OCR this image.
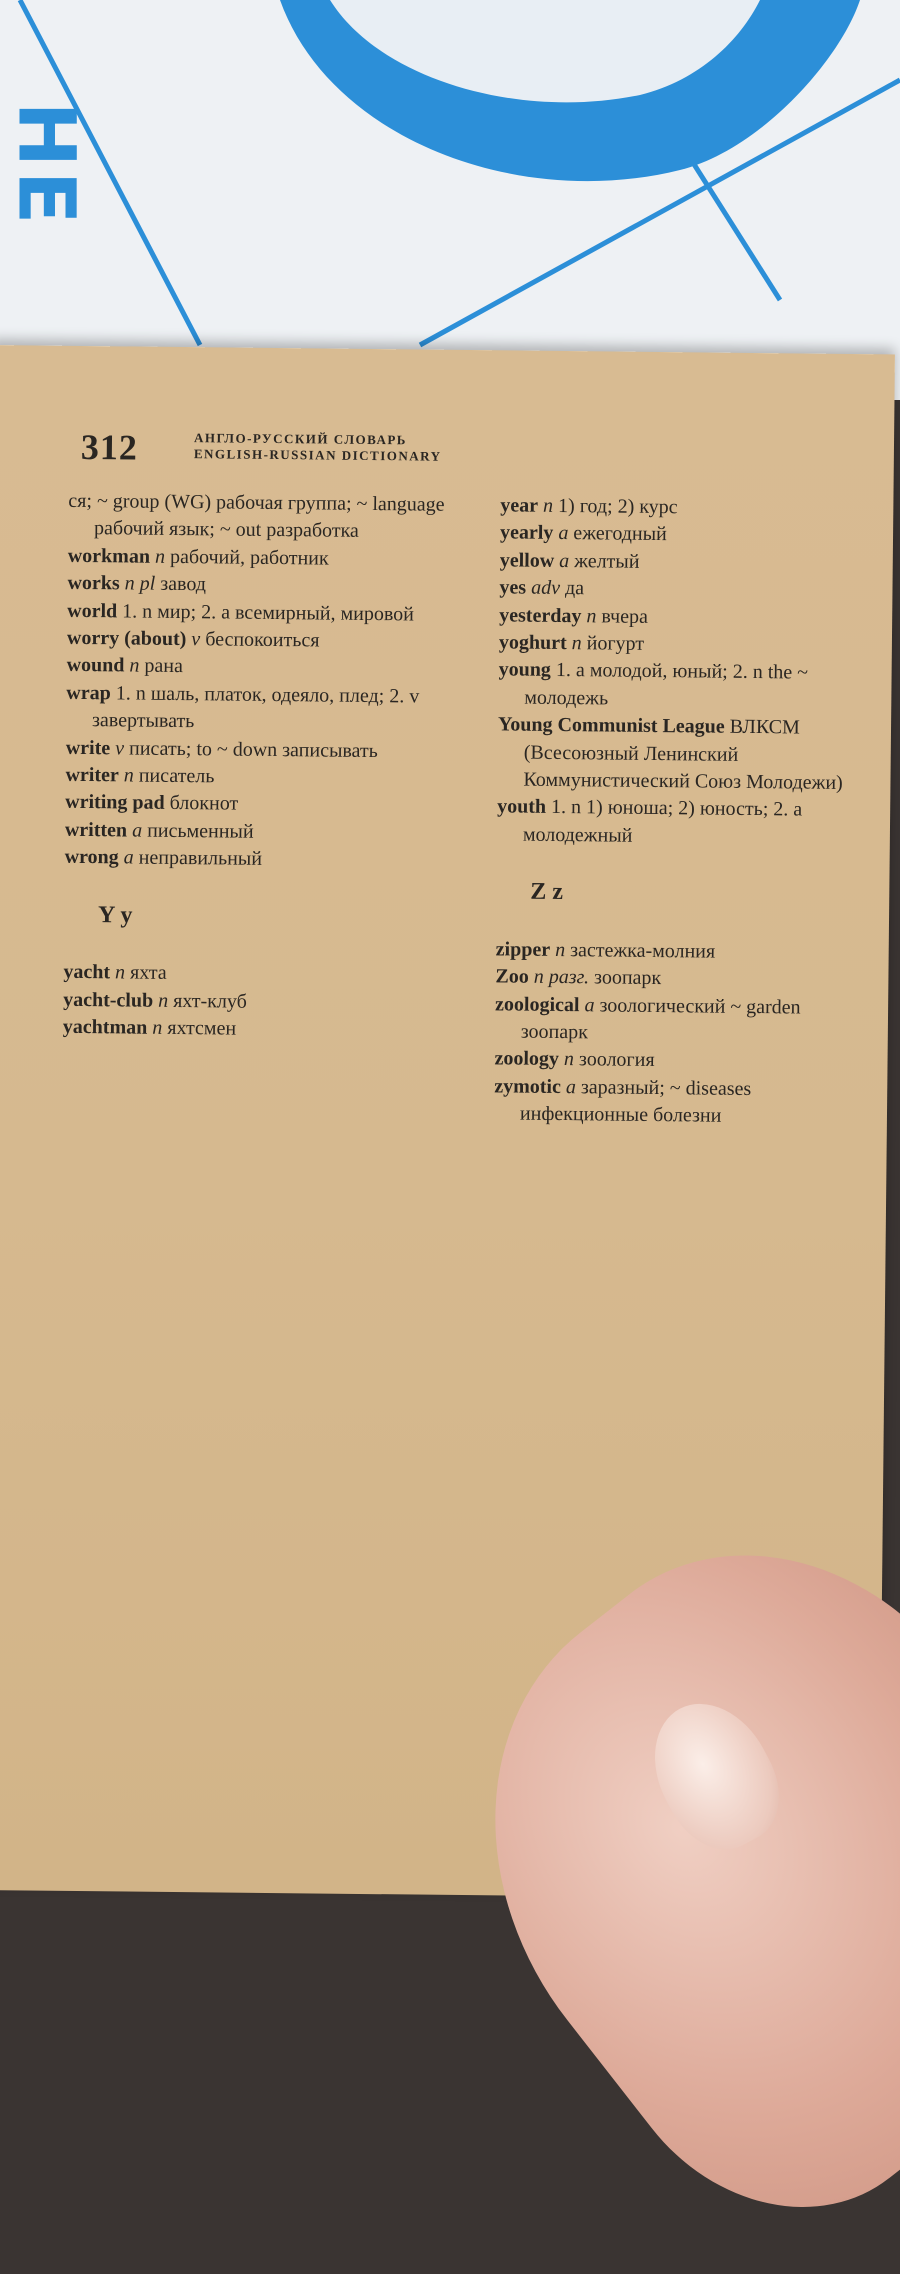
НЕ
312	АНГЛО-РУССКИЙ СЛОВАРЬ
ENGLISH-RUSSIAN DICTIONARY

ся; ~ group (WG) рабочая группа; ~ language рабочий язык; ~ out разработка

workman n рабочий, работник

works n pl завод

world 1. n мир; 2. a всемирный, мировой

worry (about) v беспокоиться

wound n рана

wrap 1. n шаль, платок, одеяло, плед; 2. v завертывать

write v писать; to ~ down записывать

writer n писатель

writing pad блокнот

written a письменный

wrong a неправильный

Y y

yacht n яхта

yacht-club n яхт-клуб

yachtman n яхтсмен

year n 1) год; 2) курс

yearly a ежегодный

yellow a желтый

yes adv да

yesterday n вчера

yoghurt n йогурт

young 1. a молодой, юный; 2. n the ~ молодежь

Young Communist League ВЛКСМ (Всесоюзный Ленинский Коммунистический Союз Молодежи)

youth 1. n 1) юноша; 2) юность; 2. a молодежный

Z z

zipper n застежка-молния

Zoo n разг. зоопарк

zoological a зоологический ~ garden зоопарк

zoology n зоология

zymotic a заразный; ~ diseases инфекционные болезни
